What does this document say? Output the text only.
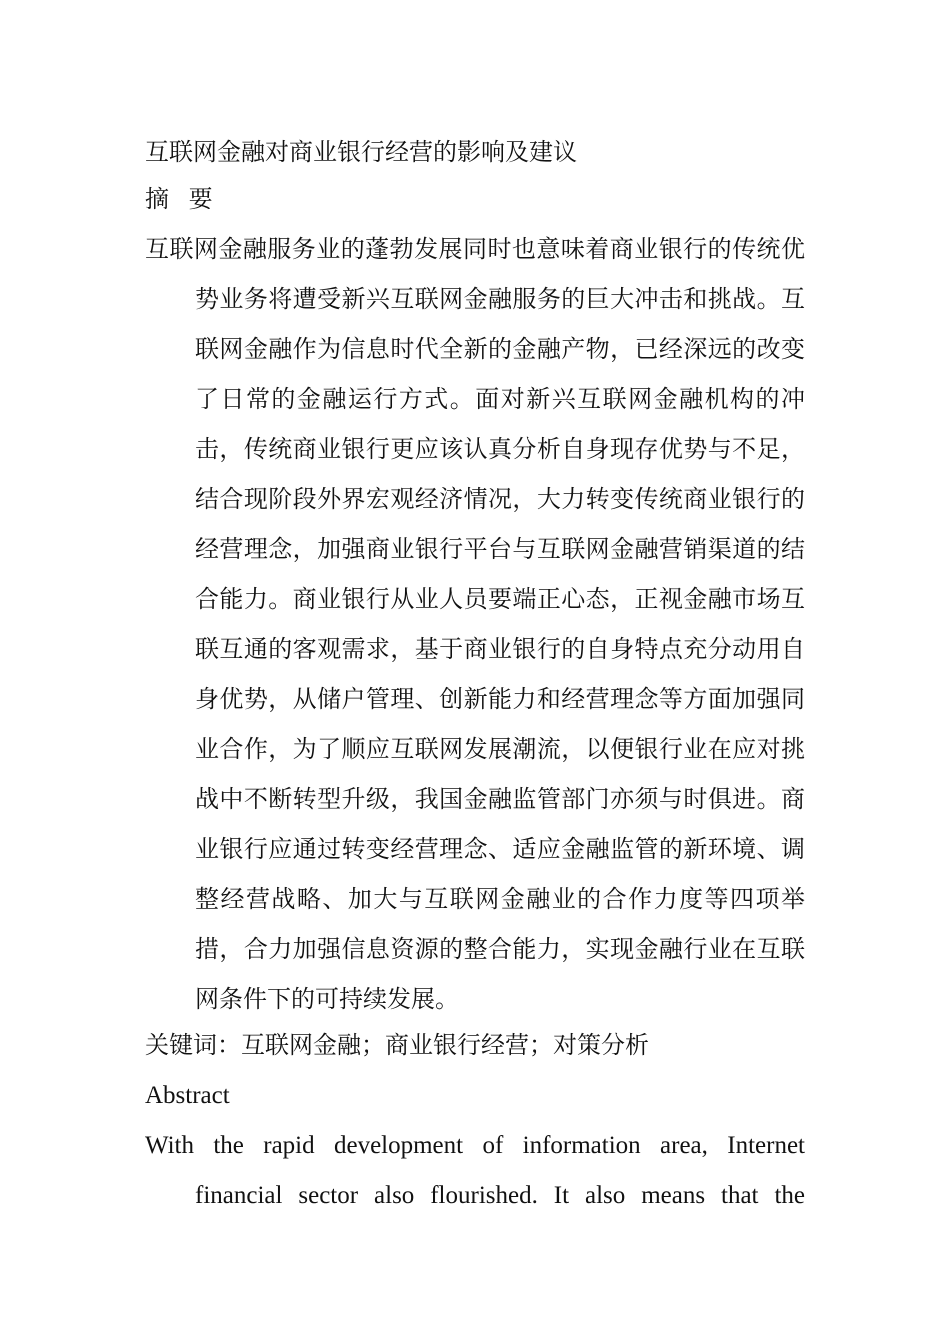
互联网金融对商业银行经营的影响及建议
摘 要

互联网金融服务业的蓬勃发展同时也意味着商业银行的传统优势业务将遭受新兴互联网金融服务的巨大冲击和挑战。互联网金融作为信息时代全新的金融产物，已经深远的改变了日常的金融运行方式。面对新兴互联网金融机构的冲击，传统商业银行更应该认真分析自身现存优势与不足，结合现阶段外界宏观经济情况，大力转变传统商业银行的经营理念，加强商业银行平台与互联网金融营销渠道的结合能力。商业银行从业人员要端正心态，正视金融市场互联互通的客观需求，基于商业银行的自身特点充分动用自身优势，从储户管理、创新能力和经营理念等方面加强同业合作，为了顺应互联网发展潮流，以便银行业在应对挑战中不断转型升级，我国金融监管部门亦须与时俱进。商业银行应通过转变经营理念、适应金融监管的新环境、调整经营战略、加大与互联网金融业的合作力度等四项举措，合力加强信息资源的整合能力，实现金融行业在互联网条件下的可持续发展。

关键词：互联网金融；商业银行经营；对策分析
Abstract

With the rapid development of information area, Internet financial sector also flourished. It also means that the
